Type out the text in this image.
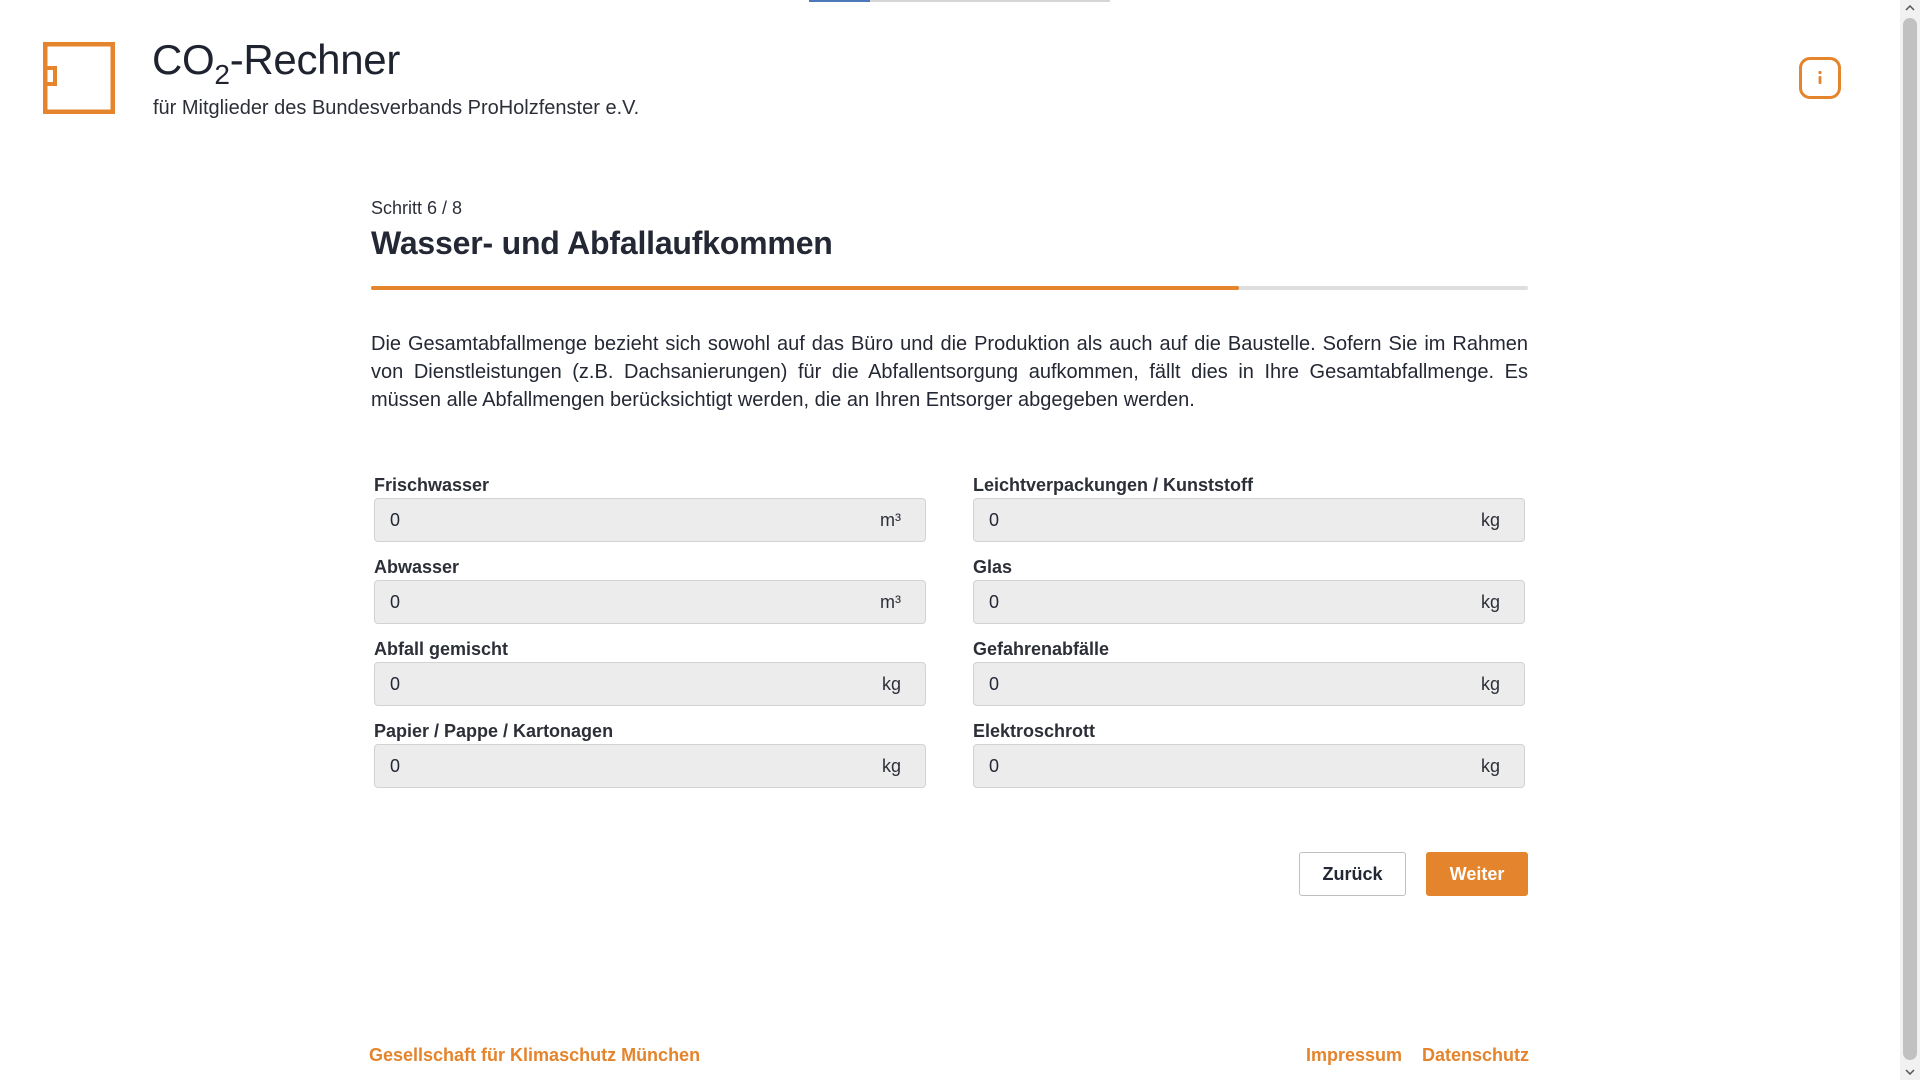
$CO_2$-Rechner
für Mitglieder des Bundesverbands ProHolzfenster e.V.
Schritt 6 / 8
Wasser- und Abfallaufkommen

Die Gesamtabfallmenge bezieht sich sowohl auf das Büro und die Produktion als auch auf die Baustelle. Sofern Sie im Rahmen von Dienstleistungen (z.B. Dachsanierungen) für die Abfallentsorgung aufkommen, fällt dies in Ihre Gesamtabfallmenge. Es müssen alle Abfallmengen berücksichtigt werden, die an Ihren Entsorger abgegeben werden.

Frischwasser
0
m³
Leichtverpackungen / Kunststoff
0
kg
Abwasser
0
m³
Glas
0
kg
Abfall gemischt
0
kg
Gefahrenabfälle
0
kg
Papier / Pappe / Kartonagen
0
kg
Elektroschrott
0
kg
Zurück	Weiter
Gesellschaft für Klimaschutz München	Impressum Datenschutz
